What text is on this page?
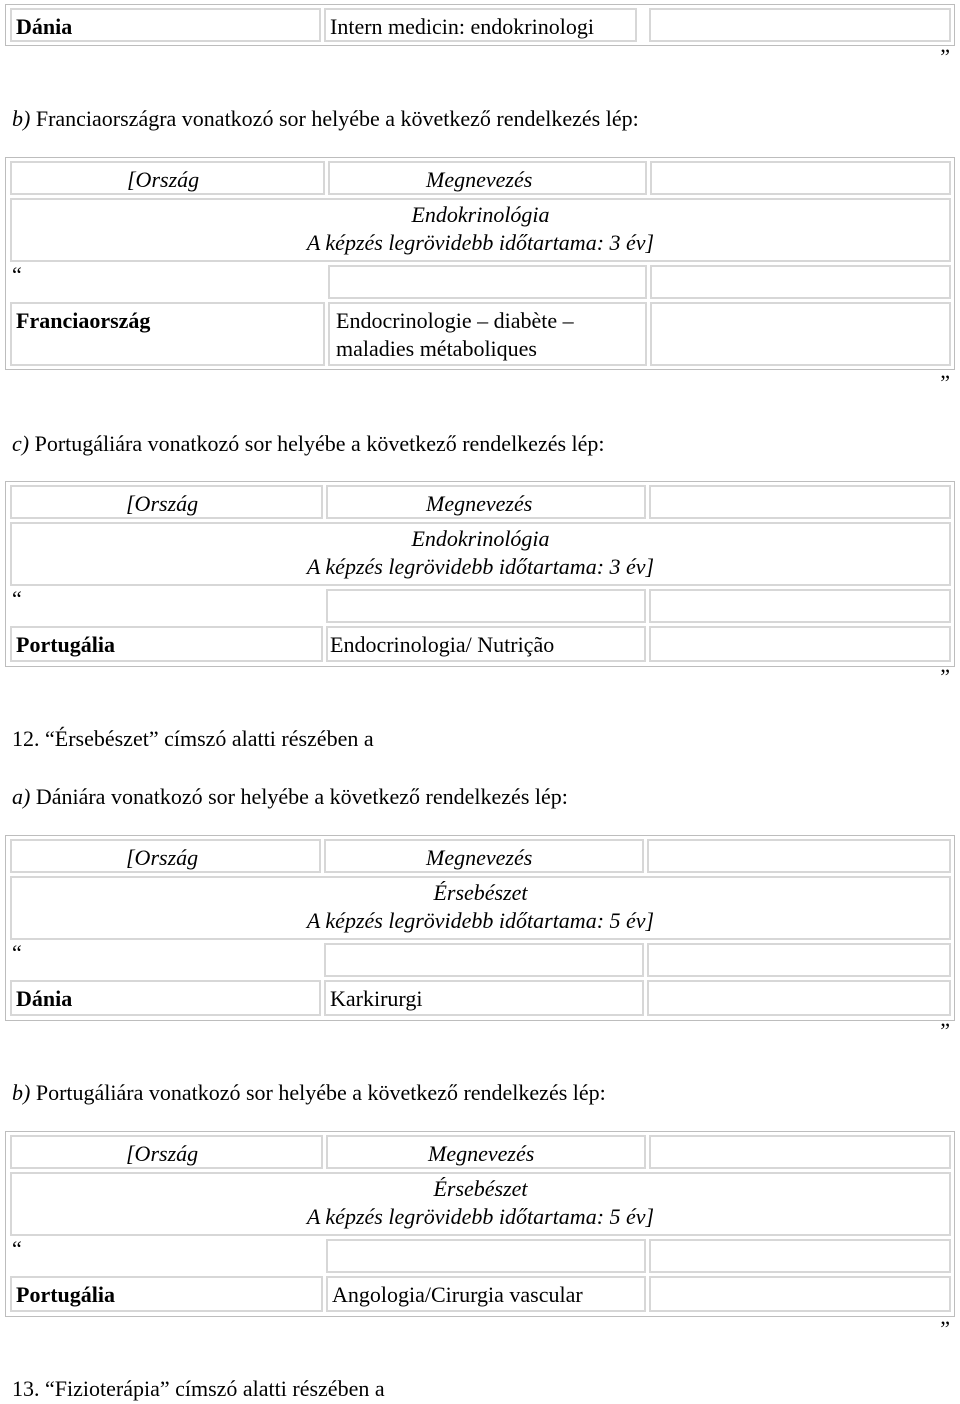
Dánia	Intern medicin: endokrinologi
”
b) Franciaországra vonatkozó sor helyébe a következő rendelkezés lép:
[Ország	Megnevezés
Endokrinológia
A képzés legrövidebb időtartama: 3 év]
“
Franciaország	Endocrinologie – diabète –
maladies métaboliques
”
c) Portugáliára vonatkozó sor helyébe a következő rendelkezés lép:
[Ország	Megnevezés
Endokrinológia
A képzés legrövidebb időtartama: 3 év]
“
Portugália	Endocrinologia/ Nutrição
”
12. “Érsebészet” címszó alatti részében a
a) Dániára vonatkozó sor helyébe a következő rendelkezés lép:
[Ország	Megnevezés
Érsebészet
A képzés legrövidebb időtartama: 5 év]
“
Dánia	Karkirurgi
”
b) Portugáliára vonatkozó sor helyébe a következő rendelkezés lép:
[Ország	Megnevezés
Érsebészet
A képzés legrövidebb időtartama: 5 év]
“
Portugália	Angologia/Cirurgia vascular
”
13. “Fizioterápia” címszó alatti részében a
